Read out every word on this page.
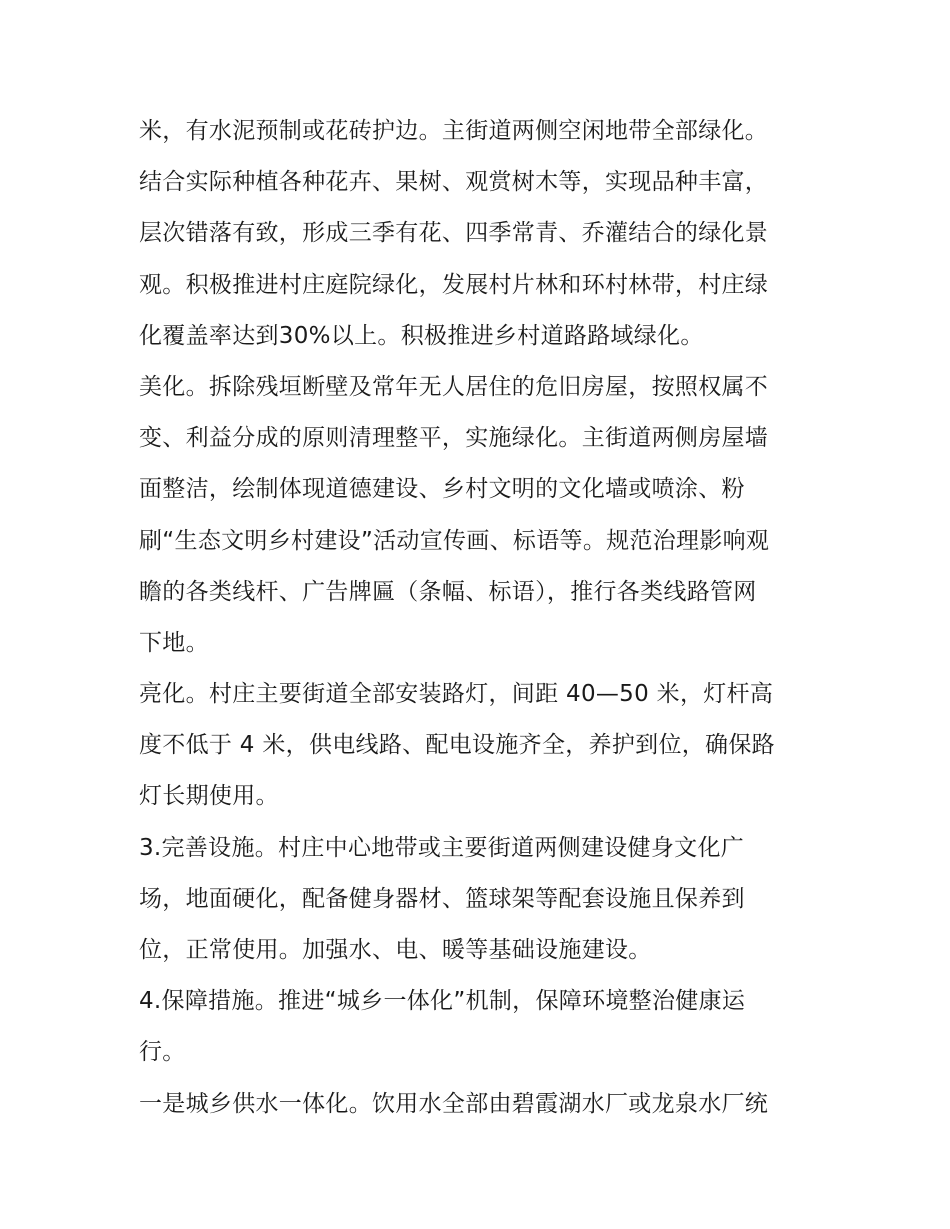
米，有水泥预制或花砖护边。主街道两侧空闲地带全部绿化。
结合实际种植各种花卉、果树、观赏树木等，实现品种丰富，
层次错落有致，形成三季有花、四季常青、乔灌结合的绿化景
观。积极推进村庄庭院绿化，发展村片林和环村林带，村庄绿
化覆盖率达到30%以上。积极推进乡村道路路域绿化。
美化。拆除残垣断壁及常年无人居住的危旧房屋，按照权属不
变、利益分成的原则清理整平，实施绿化。主街道两侧房屋墙
面整洁，绘制体现道德建设、乡村文明的文化墙或喷涂、粉
刷“生态文明乡村建设”活动宣传画、标语等。规范治理影响观
瞻的各类线杆、广告牌匾（条幅、标语），推行各类线路管网
下地。
亮化。村庄主要街道全部安装路灯，间距 40—50 米，灯杆高
度不低于 4 米，供电线路、配电设施齐全，养护到位，确保路
灯长期使用。
3.完善设施。村庄中心地带或主要街道两侧建设健身文化广
场，地面硬化，配备健身器材、篮球架等配套设施且保养到
位，正常使用。加强水、电、暖等基础设施建设。
4.保障措施。推进“城乡一体化”机制，保障环境整治健康运
行。
一是城乡供水一体化。饮用水全部由碧霞湖水厂或龙泉水厂统
